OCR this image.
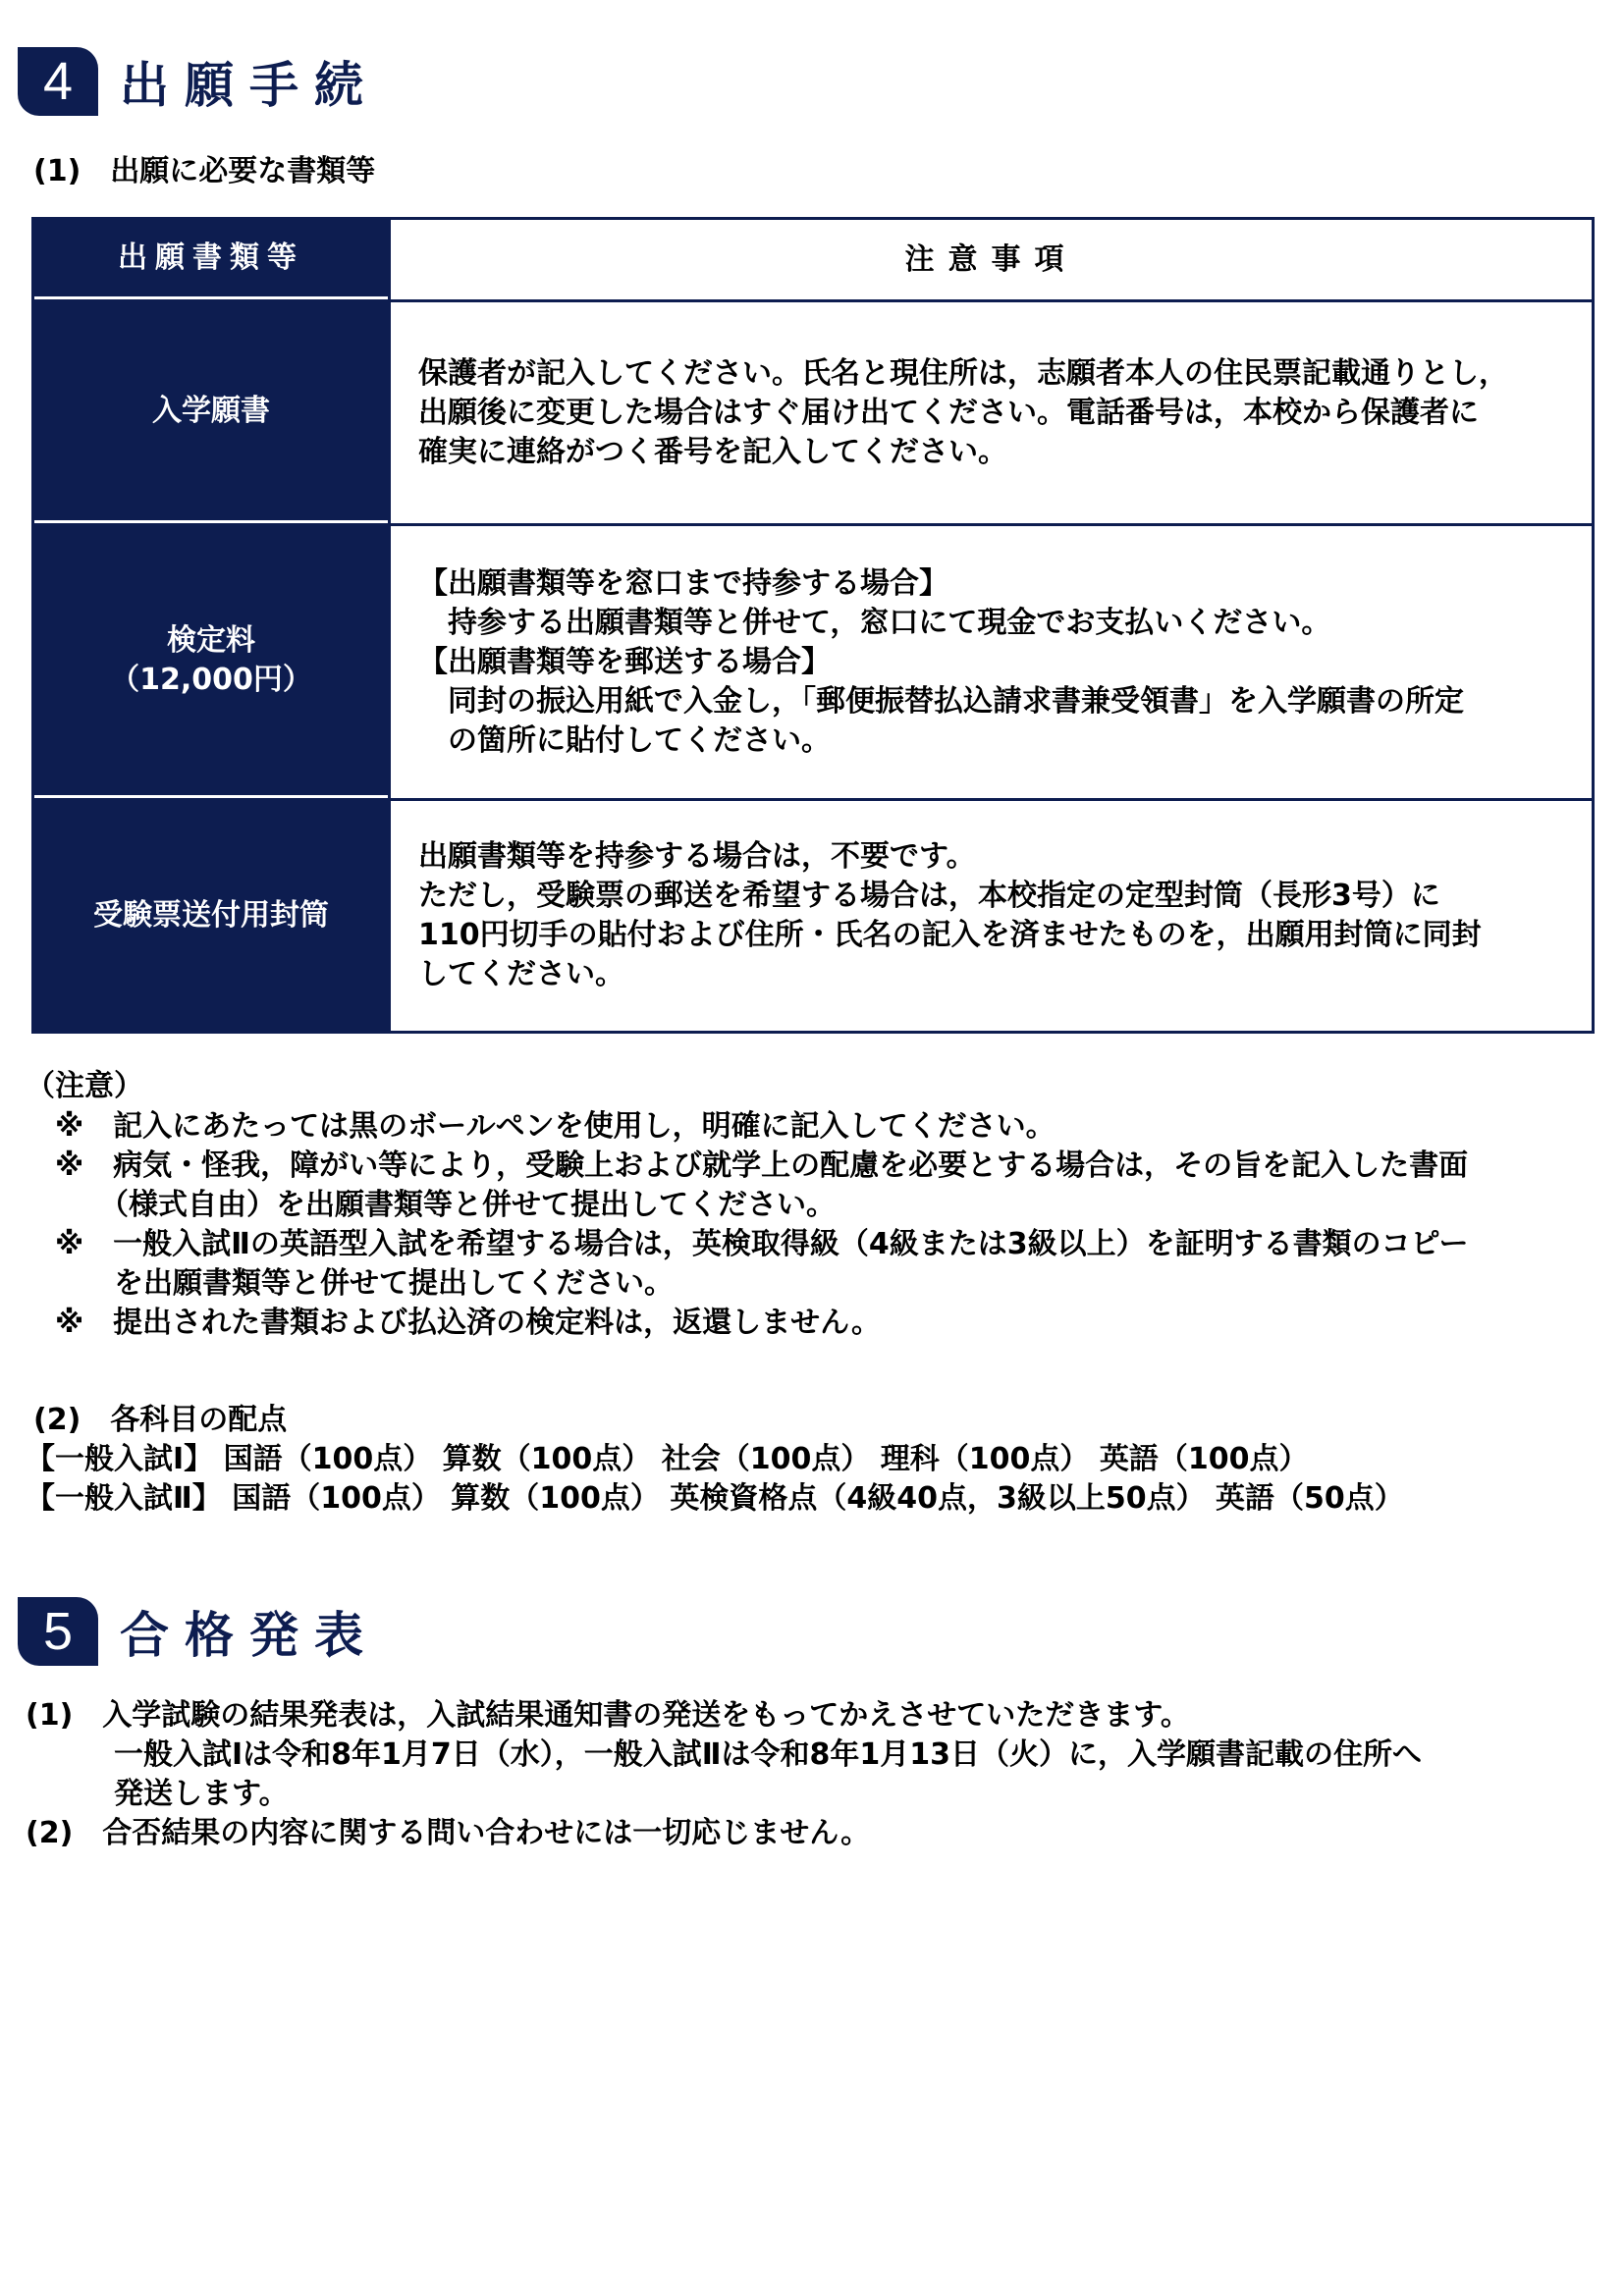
4 出願手続
(1)　出願に必要な書類等
出願書類等	注意事項
入学願書
保護者が記入してください。氏名と現住所は，志願者本人の住民票記載通りとし，
出願後に変更した場合はすぐ届け出てください。電話番号は，本校から保護者に
確実に連絡がつく番号を記入してください。
検定料
（12,000円）
【出願書類等を窓口まで持参する場合】
　持参する出願書類等と併せて，窓口にて現金でお支払いください。
【出願書類等を郵送する場合】
　同封の振込用紙で入金し，「郵便振替払込請求書兼受領書」を入学願書の所定
　の箇所に貼付してください。
受験票送付用封筒
出願書類等を持参する場合は，不要です。
ただし，受験票の郵送を希望する場合は，本校指定の定型封筒（長形3号）に
110円切手の貼付および住所・氏名の記入を済ませたものを，出願用封筒に同封
してください。
（注意）
　※　記入にあたっては黒のボールペンを使用し，明確に記入してください。
　※　病気・怪我，障がい等により，受験上および就学上の配慮を必要とする場合は，その旨を記入した書面
　　　（様式自由）を出願書類等と併せて提出してください。
　※　一般入試Ⅱの英語型入試を希望する場合は，英検取得級（4級または3級以上）を証明する書類のコピー
　　　を出願書類等と併せて提出してください。
　※　提出された書類および払込済の検定料は，返還しません。
(2)　各科目の配点
【一般入試Ⅰ】 国語（100点） 算数（100点） 社会（100点） 理科（100点） 英語（100点）
【一般入試Ⅱ】 国語（100点） 算数（100点） 英検資格点（4級40点，3級以上50点） 英語（50点）
5 合格発表
(1)　入学試験の結果発表は，入試結果通知書の発送をもってかえさせていただきます。
　　　一般入試Ⅰは令和8年1月7日（水），一般入試Ⅱは令和8年1月13日（火）に，入学願書記載の住所へ
　　　発送します。
(2)　合否結果の内容に関する問い合わせには一切応じません。
